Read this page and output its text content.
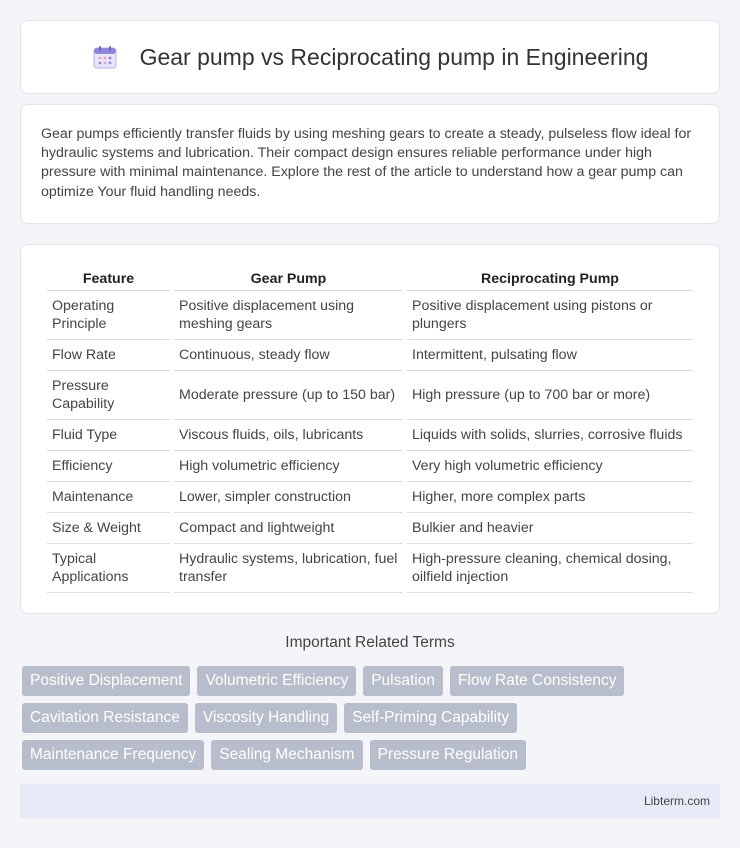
Gear pump vs Reciprocating pump in Engineering

Gear pumps efficiently transfer fluids by using meshing gears to create a steady, pulseless flow ideal for hydraulic systems and lubrication. Their compact design ensures reliable performance under high pressure with minimal maintenance. Explore the rest of the article to understand how a gear pump can optimize Your fluid handling needs.

Feature	Gear Pump	Reciprocating Pump
Operating Principle	Positive displacement using meshing gears	Positive displacement using pistons or plungers
Flow Rate	Continuous, steady flow	Intermittent, pulsating flow
Pressure Capability	Moderate pressure (up to 150 bar)	High pressure (up to 700 bar or more)
Fluid Type	Viscous fluids, oils, lubricants	Liquids with solids, slurries, corrosive fluids
Efficiency	High volumetric efficiency	Very high volumetric efficiency
Maintenance	Lower, simpler construction	Higher, more complex parts
Size & Weight	Compact and lightweight	Bulkier and heavier
Typical Applications	Hydraulic systems, lubrication, fuel transfer	High-pressure cleaning, chemical dosing, oilfield injection
Important Related Terms
Positive Displacement	Volumetric Efficiency	Pulsation	Flow Rate Consistency
Cavitation Resistance	Viscosity Handling	Self-Priming Capability
Maintenance Frequency	Sealing Mechanism	Pressure Regulation
Libterm.com
